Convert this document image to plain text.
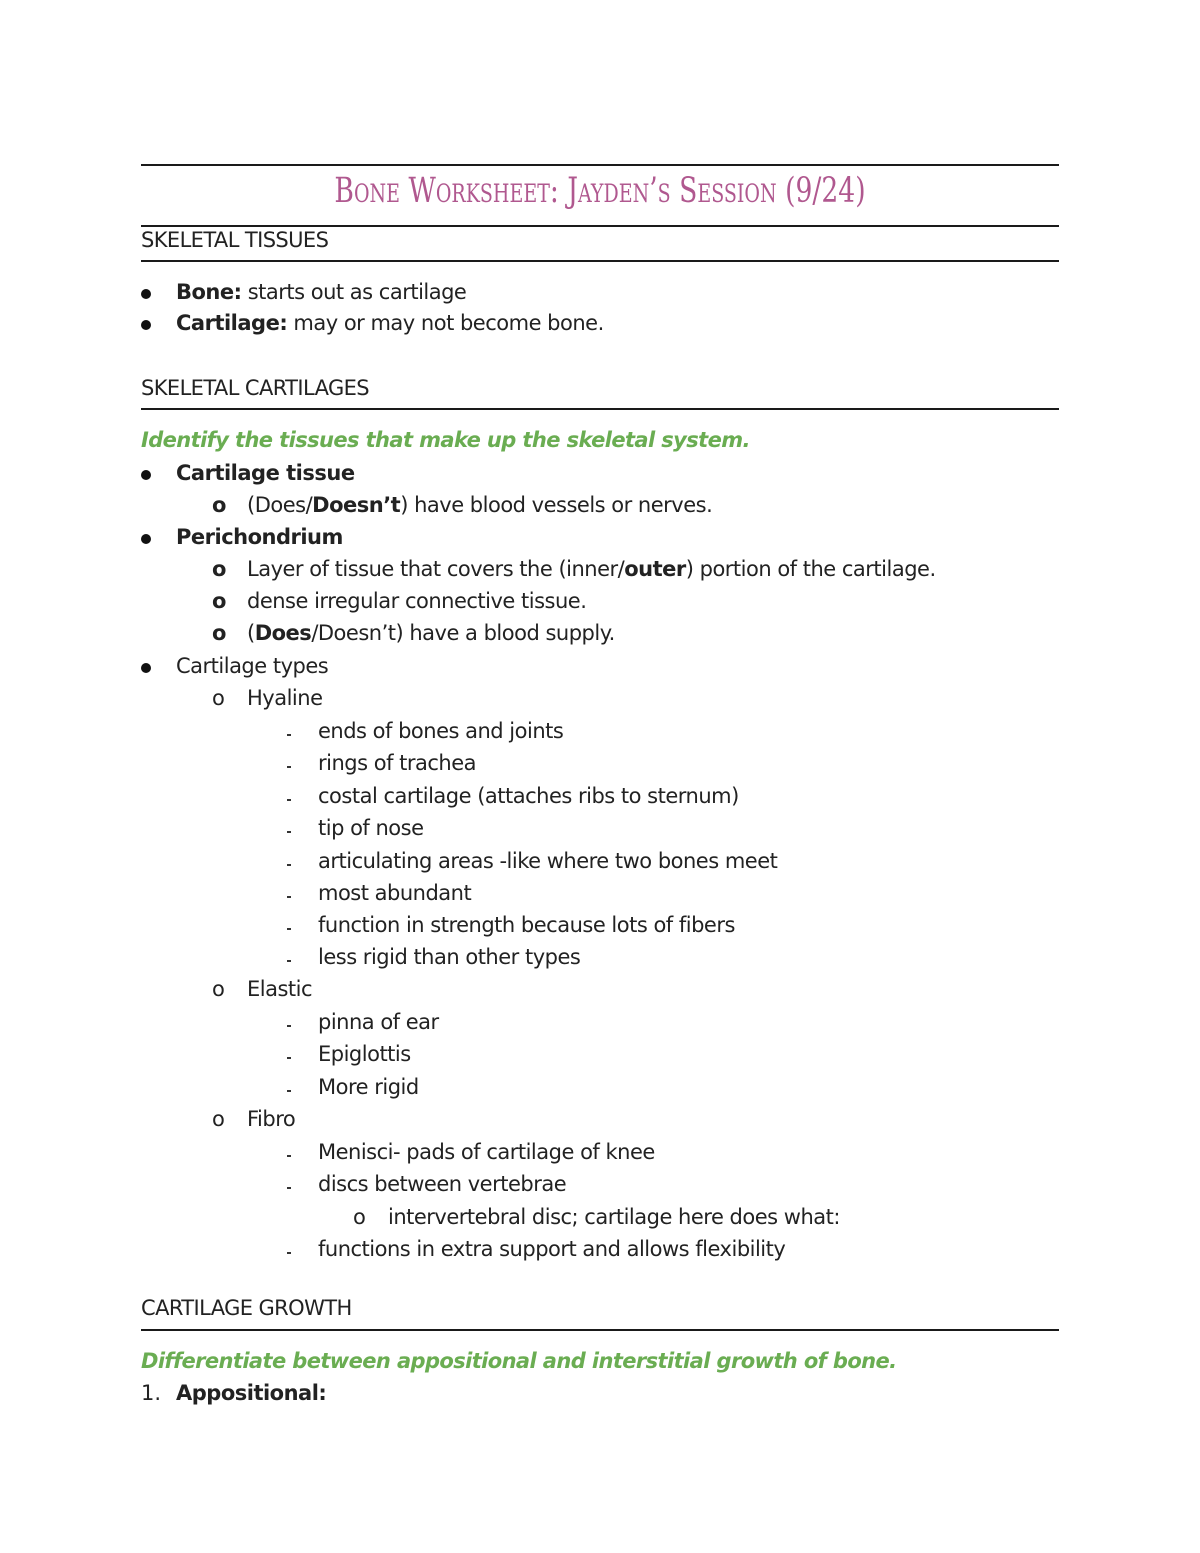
Bone Worksheet: Jayden’s Session (9/24)
SKELETAL TISSUES
Bone: starts out as cartilage
Cartilage: may or may not become bone.
SKELETAL CARTILAGES
Identify the tissues that make up the skeletal system.
Cartilage tissue
o (Does/Doesn’t) have blood vessels or nerves.
Perichondrium
o Layer of tissue that covers the (inner/outer) portion of the cartilage.
o dense irregular connective tissue.
o (Does/Doesn’t) have a blood supply.
Cartilage types
o Hyaline
ends of bones and joints
rings of trachea
costal cartilage (attaches ribs to sternum)
tip of nose
articulating areas -like where two bones meet
most abundant
function in strength because lots of fibers
less rigid than other types
o Elastic
pinna of ear
Epiglottis
More rigid
o Fibro
Menisci- pads of cartilage of knee
discs between vertebrae
o intervertebral disc; cartilage here does what:
functions in extra support and allows flexibility
CARTILAGE GROWTH
Differentiate between appositional and interstitial growth of bone.
1. Appositional:
